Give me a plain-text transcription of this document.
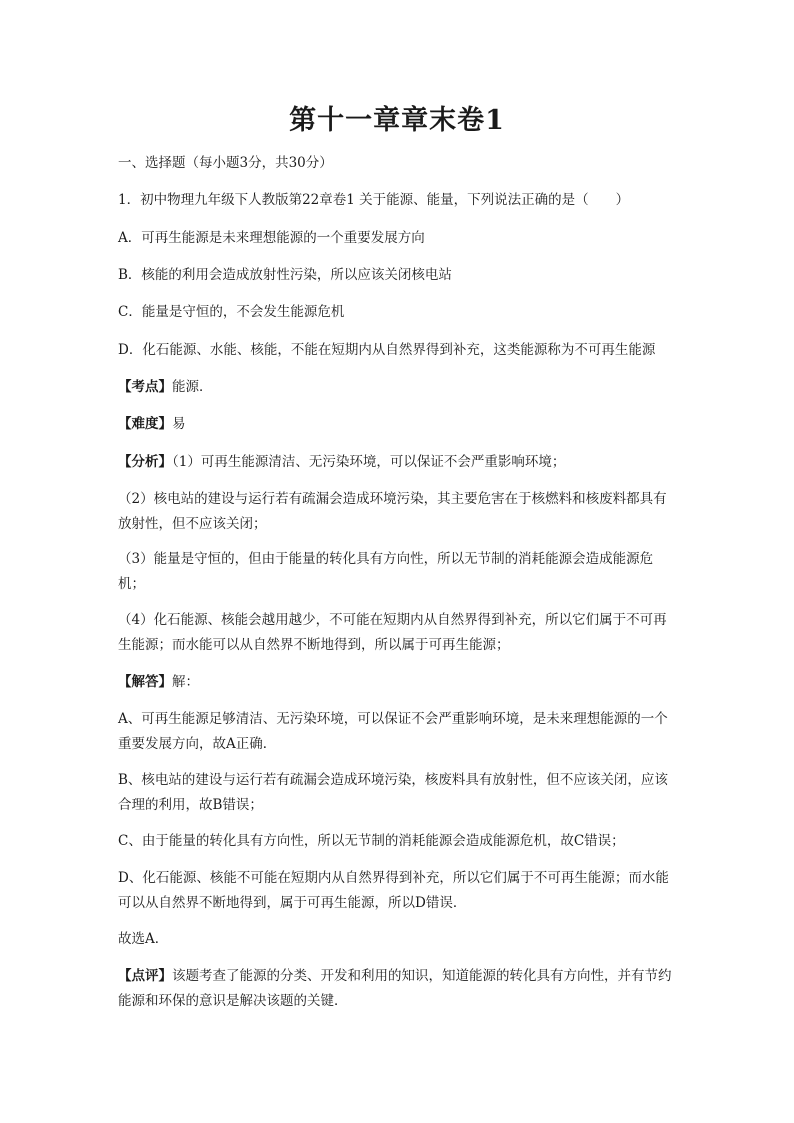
第十一章章末卷1

一、选择题（每小题3分，共30分）

1．初中物理九年级下人教版第22章卷1 关于能源、能量，下列说法正确的是（　　）

A．可再生能源是未来理想能源的一个重要发展方向

B．核能的利用会造成放射性污染，所以应该关闭核电站

C．能量是守恒的，不会发生能源危机

D．化石能源、水能、核能，不能在短期内从自然界得到补充，这类能源称为不可再生能源

【考点】能源．

【难度】易

【分析】（1）可再生能源清洁、无污染环境，可以保证不会严重影响环境；

（2）核电站的建设与运行若有疏漏会造成环境污染，其主要危害在于核燃料和核废料都具有放射性，但不应该关闭；

（3）能量是守恒的，但由于能量的转化具有方向性，所以无节制的消耗能源会造成能源危机；

（4）化石能源、核能会越用越少，不可能在短期内从自然界得到补充，所以它们属于不可再生能源；而水能可以从自然界不断地得到，所以属于可再生能源；

【解答】解：

A、可再生能源足够清洁、无污染环境，可以保证不会严重影响环境，是未来理想能源的一个重要发展方向，故A正确．

B、核电站的建设与运行若有疏漏会造成环境污染，核废料具有放射性，但不应该关闭，应该合理的利用，故B错误；

C、由于能量的转化具有方向性，所以无节制的消耗能源会造成能源危机，故C错误；

D、化石能源、核能不可能在短期内从自然界得到补充，所以它们属于不可再生能源；而水能可以从自然界不断地得到，属于可再生能源，所以D错误．

故选A．

【点评】该题考查了能源的分类、开发和利用的知识，知道能源的转化具有方向性，并有节约能源和环保的意识是解决该题的关键．
